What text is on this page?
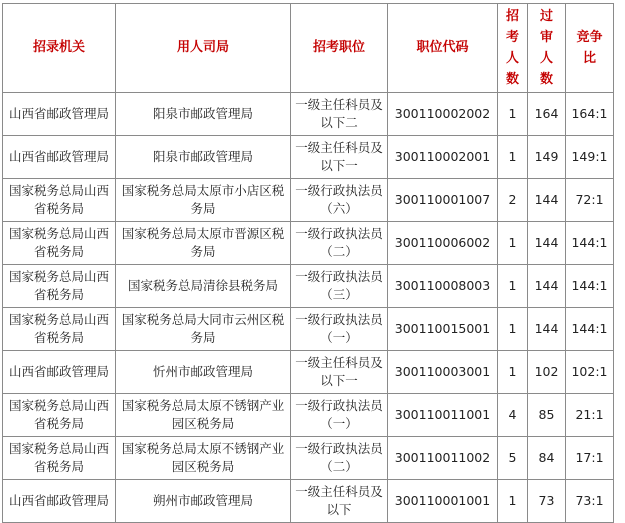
招录机关	用人司局	招考职位	职位代码	招考人数	过审人数	竞争比
山西省邮政管理局	阳泉市邮政管理局	一级主任科员及以下二	300110002002	1	164	164:1
山西省邮政管理局	阳泉市邮政管理局	一级主任科员及以下一	300110002001	1	149	149:1
国家税务总局山西省税务局	国家税务总局太原市小店区税务局	一级行政执法员（六）	300110001007	2	144	72:1
国家税务总局山西省税务局	国家税务总局太原市晋源区税务局	一级行政执法员（二）	300110006002	1	144	144:1
国家税务总局山西省税务局	国家税务总局清徐县税务局	一级行政执法员（三）	300110008003	1	144	144:1
国家税务总局山西省税务局	国家税务总局大同市云州区税务局	一级行政执法员（一）	300110015001	1	144	144:1
山西省邮政管理局	忻州市邮政管理局	一级主任科员及以下一	300110003001	1	102	102:1
国家税务总局山西省税务局	国家税务总局太原不锈钢产业园区税务局	一级行政执法员（一）	300110011001	4	85	21:1
国家税务总局山西省税务局	国家税务总局太原不锈钢产业园区税务局	一级行政执法员（二）	300110011002	5	84	17:1
山西省邮政管理局	朔州市邮政管理局	一级主任科员及以下	300110001001	1	73	73:1
